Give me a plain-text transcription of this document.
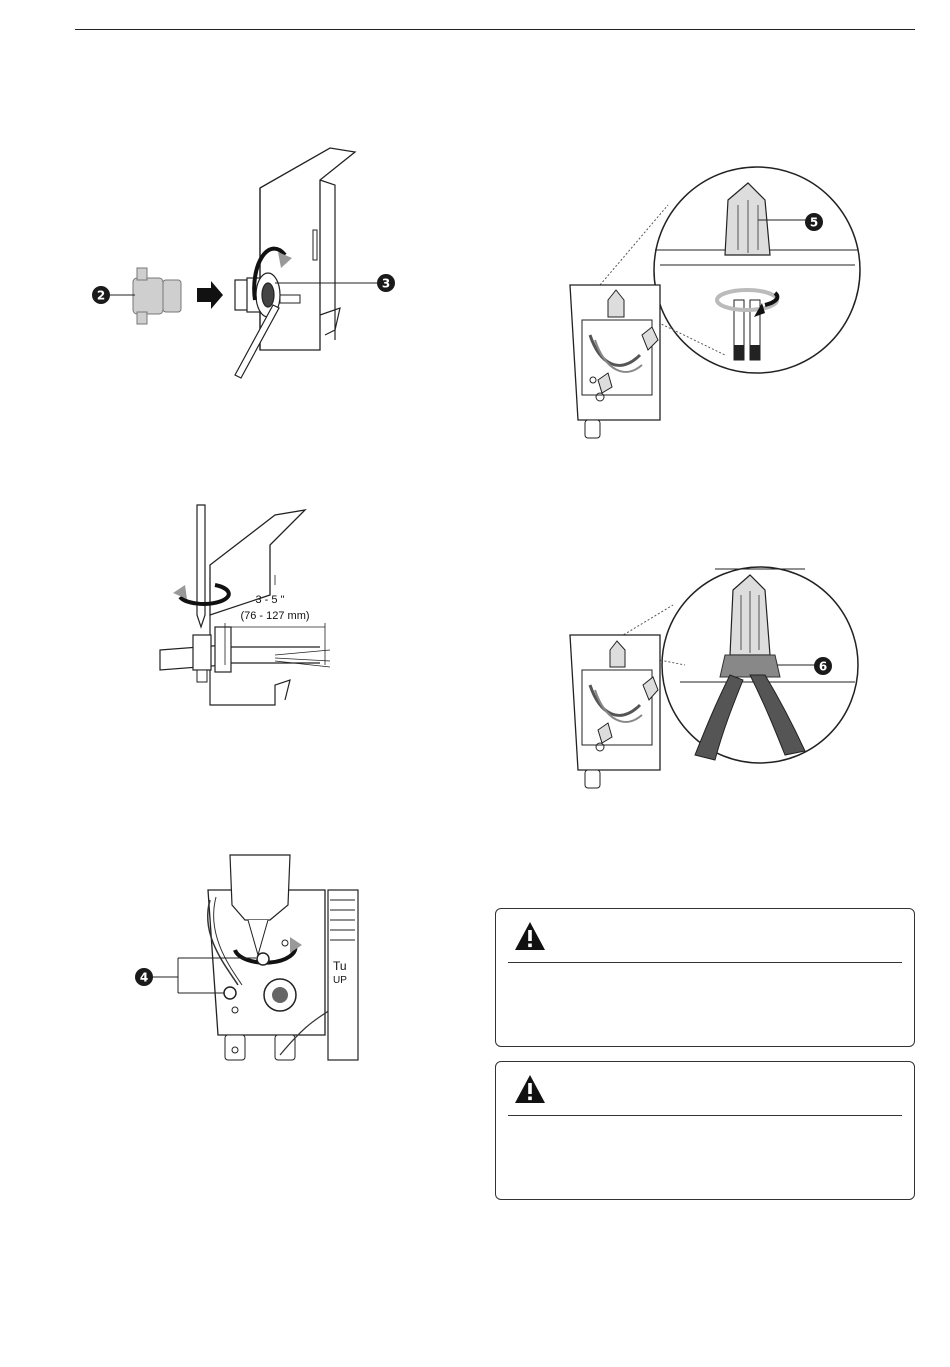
2
3
3 - 5 "
(76 - 127 mm)
Tu
UP
4
5
6
